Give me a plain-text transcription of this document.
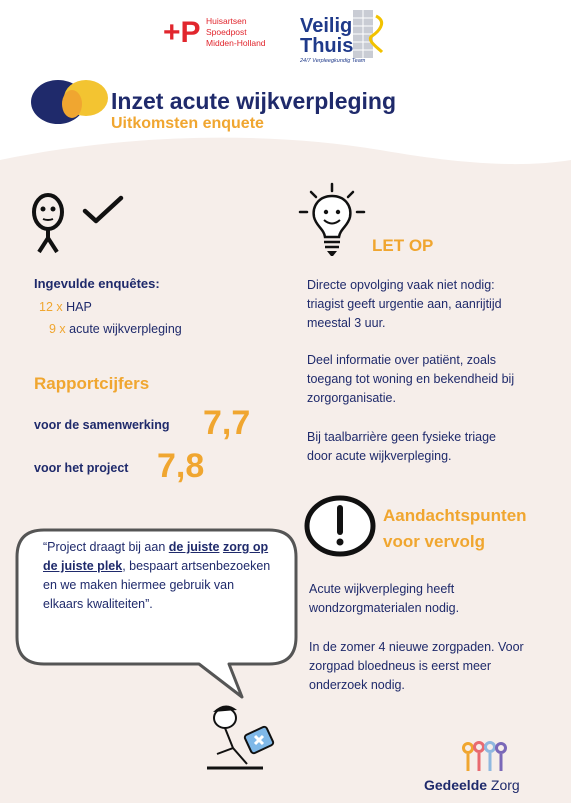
+P Huisartsen
Spoedpost
Midden-Holland
Veilig
Thuis
24/7 Verpleegkundig Team
Inzet acute wijkverpleging
Uitkomsten enquete
Ingevulde enquêtes:
12 x HAP
9 x acute wijkverpleging
Rapportcijfers
voor de samenwerking 7,7
voor het project 7,8
“Project draagt bij aan de juiste zorg op de juiste plek, bespaart artsenbezoeken en we maken hiermee gebruik van elkaars kwaliteiten”.
LET OP
Directe opvolging vaak niet nodig: triagist geeft urgentie aan, aanrijtijd meestal 3 uur.
Deel informatie over patiënt, zoals toegang tot woning en bekendheid bij zorgorganisatie.
Bij taalbarrière geen fysieke triage door acute wijkverpleging.
Aandachtspunten
voor vervolg
Acute wijkverpleging heeft wondzorgmaterialen nodig.
In de zomer 4 nieuwe zorgpaden. Voor zorgpad bloedneus is eerst meer onderzoek nodig.
Gedeelde Zorg
